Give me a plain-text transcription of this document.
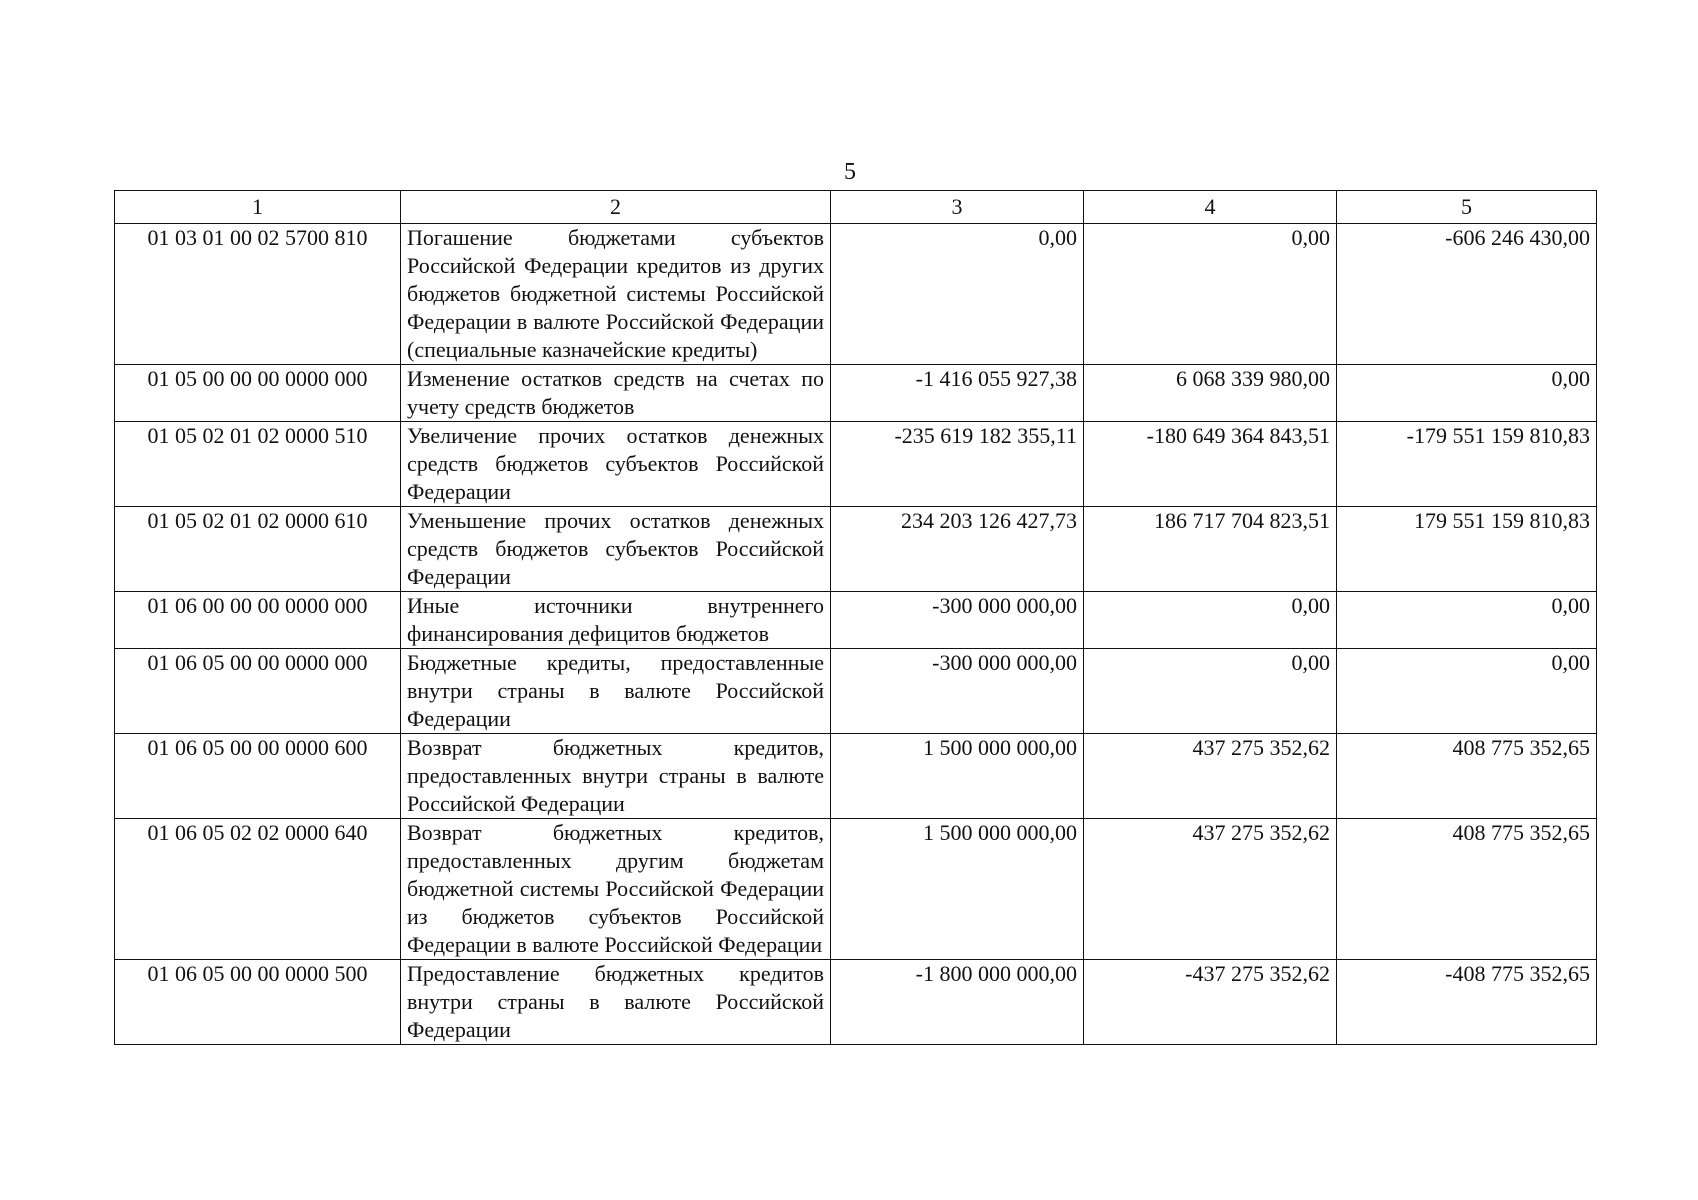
5
1	2	3	4	5
01 03 01 00 02 5700 810	Погашение бюджетами субъектов Российской Федерации кредитов из других бюджетов бюджетной системы Российской Федерации в валюте Российской Федерации (специальные казначейские кредиты)	0,00	0,00	-606 246 430,00
01 05 00 00 00 0000 000	Изменение остатков средств на счетах по учету средств бюджетов	-1 416 055 927,38	6 068 339 980,00	0,00
01 05 02 01 02 0000 510	Увеличение прочих остатков денежных средств бюджетов субъектов Российской Федерации	-235 619 182 355,11	-180 649 364 843,51	-179 551 159 810,83
01 05 02 01 02 0000 610	Уменьшение прочих остатков денежных средств бюджетов субъектов Российской Федерации	234 203 126 427,73	186 717 704 823,51	179 551 159 810,83
01 06 00 00 00 0000 000	Иные источники внутреннего финансирования дефицитов бюджетов	-300 000 000,00	0,00	0,00
01 06 05 00 00 0000 000	Бюджетные кредиты, предоставленные внутри страны в валюте Российской Федерации	-300 000 000,00	0,00	0,00
01 06 05 00 00 0000 600	Возврат бюджетных кредитов, предоставленных внутри страны в валюте Российской Федерации	1 500 000 000,00	437 275 352,62	408 775 352,65
01 06 05 02 02 0000 640	Возврат бюджетных кредитов, предоставленных другим бюджетам бюджетной системы Российской Федерации из бюджетов субъектов Российской Федерации в валюте Российской Федерации	1 500 000 000,00	437 275 352,62	408 775 352,65
01 06 05 00 00 0000 500	Предоставление бюджетных кредитов внутри страны в валюте Российской Федерации	-1 800 000 000,00	-437 275 352,62	-408 775 352,65
